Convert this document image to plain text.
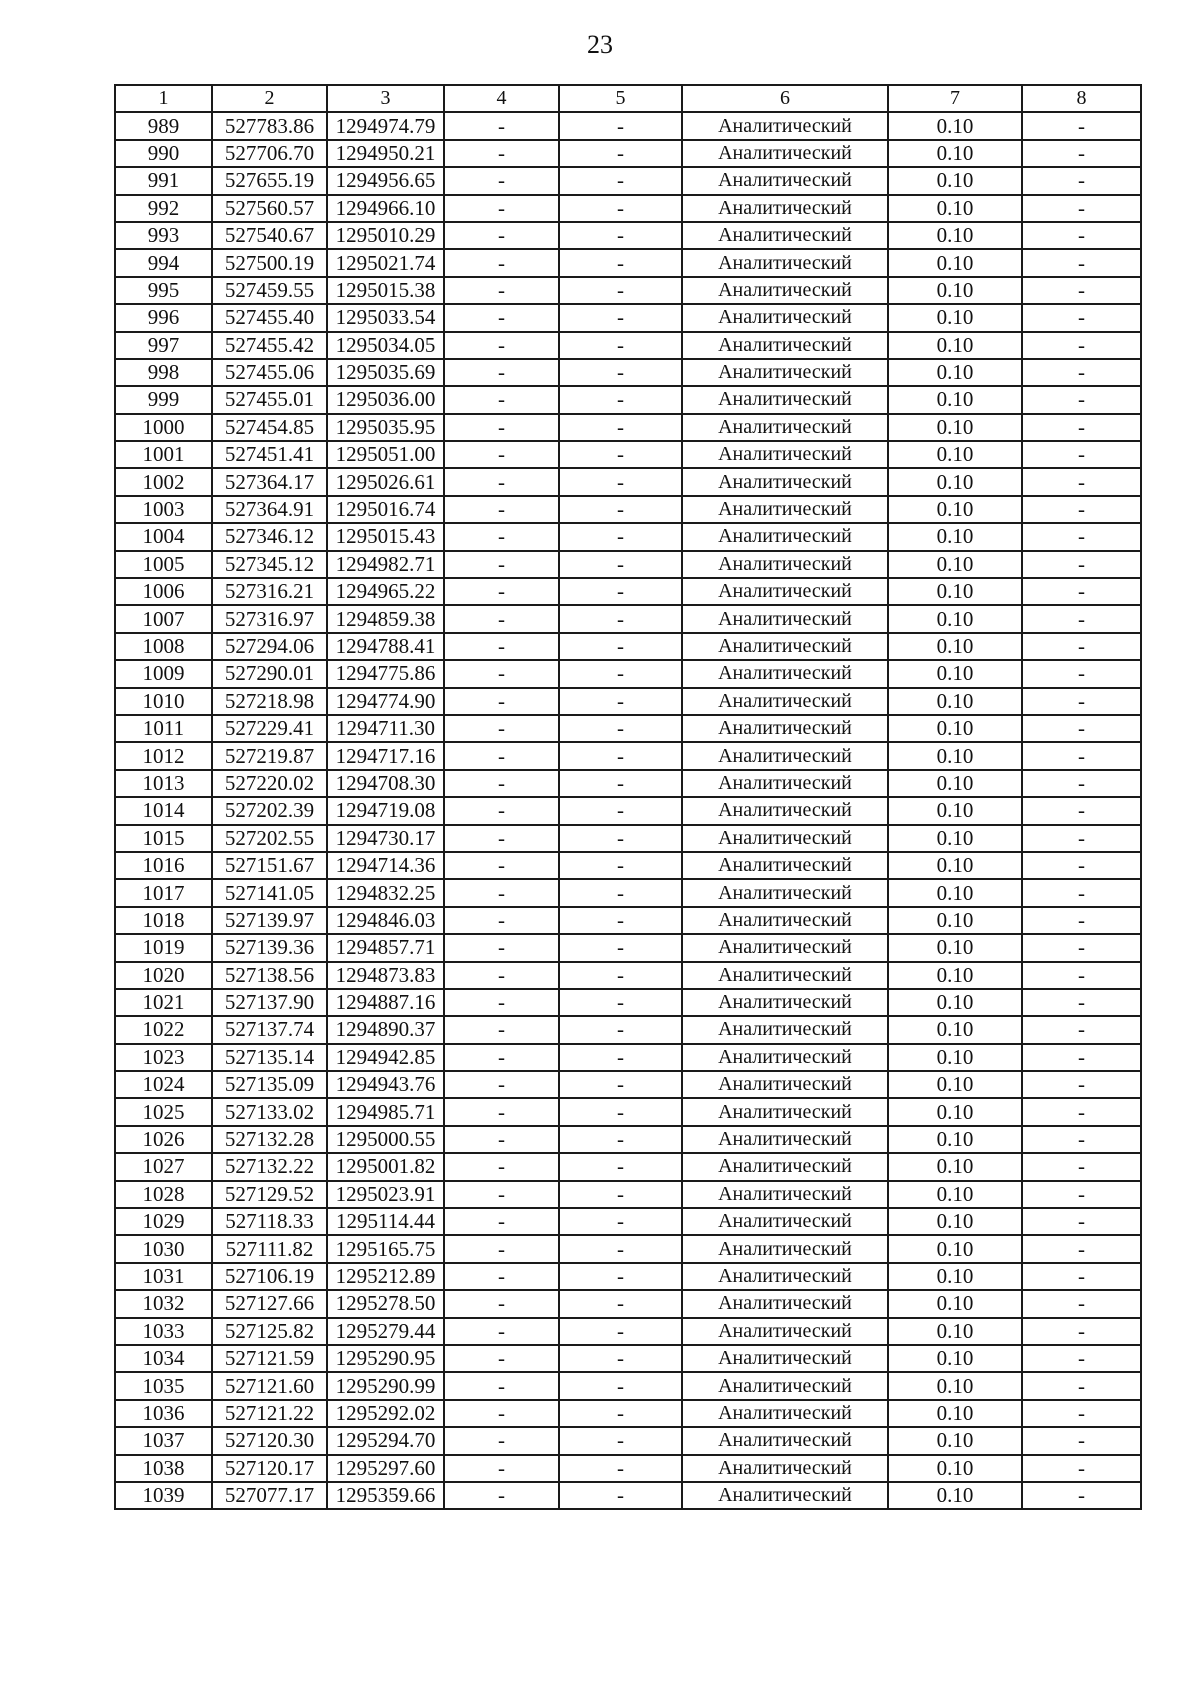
23
1	2	3	4	5	6	7	8
989	527783.86	1294974.79	-	-	Аналитический	0.10	-
990	527706.70	1294950.21	-	-	Аналитический	0.10	-
991	527655.19	1294956.65	-	-	Аналитический	0.10	-
992	527560.57	1294966.10	-	-	Аналитический	0.10	-
993	527540.67	1295010.29	-	-	Аналитический	0.10	-
994	527500.19	1295021.74	-	-	Аналитический	0.10	-
995	527459.55	1295015.38	-	-	Аналитический	0.10	-
996	527455.40	1295033.54	-	-	Аналитический	0.10	-
997	527455.42	1295034.05	-	-	Аналитический	0.10	-
998	527455.06	1295035.69	-	-	Аналитический	0.10	-
999	527455.01	1295036.00	-	-	Аналитический	0.10	-
1000	527454.85	1295035.95	-	-	Аналитический	0.10	-
1001	527451.41	1295051.00	-	-	Аналитический	0.10	-
1002	527364.17	1295026.61	-	-	Аналитический	0.10	-
1003	527364.91	1295016.74	-	-	Аналитический	0.10	-
1004	527346.12	1295015.43	-	-	Аналитический	0.10	-
1005	527345.12	1294982.71	-	-	Аналитический	0.10	-
1006	527316.21	1294965.22	-	-	Аналитический	0.10	-
1007	527316.97	1294859.38	-	-	Аналитический	0.10	-
1008	527294.06	1294788.41	-	-	Аналитический	0.10	-
1009	527290.01	1294775.86	-	-	Аналитический	0.10	-
1010	527218.98	1294774.90	-	-	Аналитический	0.10	-
1011	527229.41	1294711.30	-	-	Аналитический	0.10	-
1012	527219.87	1294717.16	-	-	Аналитический	0.10	-
1013	527220.02	1294708.30	-	-	Аналитический	0.10	-
1014	527202.39	1294719.08	-	-	Аналитический	0.10	-
1015	527202.55	1294730.17	-	-	Аналитический	0.10	-
1016	527151.67	1294714.36	-	-	Аналитический	0.10	-
1017	527141.05	1294832.25	-	-	Аналитический	0.10	-
1018	527139.97	1294846.03	-	-	Аналитический	0.10	-
1019	527139.36	1294857.71	-	-	Аналитический	0.10	-
1020	527138.56	1294873.83	-	-	Аналитический	0.10	-
1021	527137.90	1294887.16	-	-	Аналитический	0.10	-
1022	527137.74	1294890.37	-	-	Аналитический	0.10	-
1023	527135.14	1294942.85	-	-	Аналитический	0.10	-
1024	527135.09	1294943.76	-	-	Аналитический	0.10	-
1025	527133.02	1294985.71	-	-	Аналитический	0.10	-
1026	527132.28	1295000.55	-	-	Аналитический	0.10	-
1027	527132.22	1295001.82	-	-	Аналитический	0.10	-
1028	527129.52	1295023.91	-	-	Аналитический	0.10	-
1029	527118.33	1295114.44	-	-	Аналитический	0.10	-
1030	527111.82	1295165.75	-	-	Аналитический	0.10	-
1031	527106.19	1295212.89	-	-	Аналитический	0.10	-
1032	527127.66	1295278.50	-	-	Аналитический	0.10	-
1033	527125.82	1295279.44	-	-	Аналитический	0.10	-
1034	527121.59	1295290.95	-	-	Аналитический	0.10	-
1035	527121.60	1295290.99	-	-	Аналитический	0.10	-
1036	527121.22	1295292.02	-	-	Аналитический	0.10	-
1037	527120.30	1295294.70	-	-	Аналитический	0.10	-
1038	527120.17	1295297.60	-	-	Аналитический	0.10	-
1039	527077.17	1295359.66	-	-	Аналитический	0.10	-
